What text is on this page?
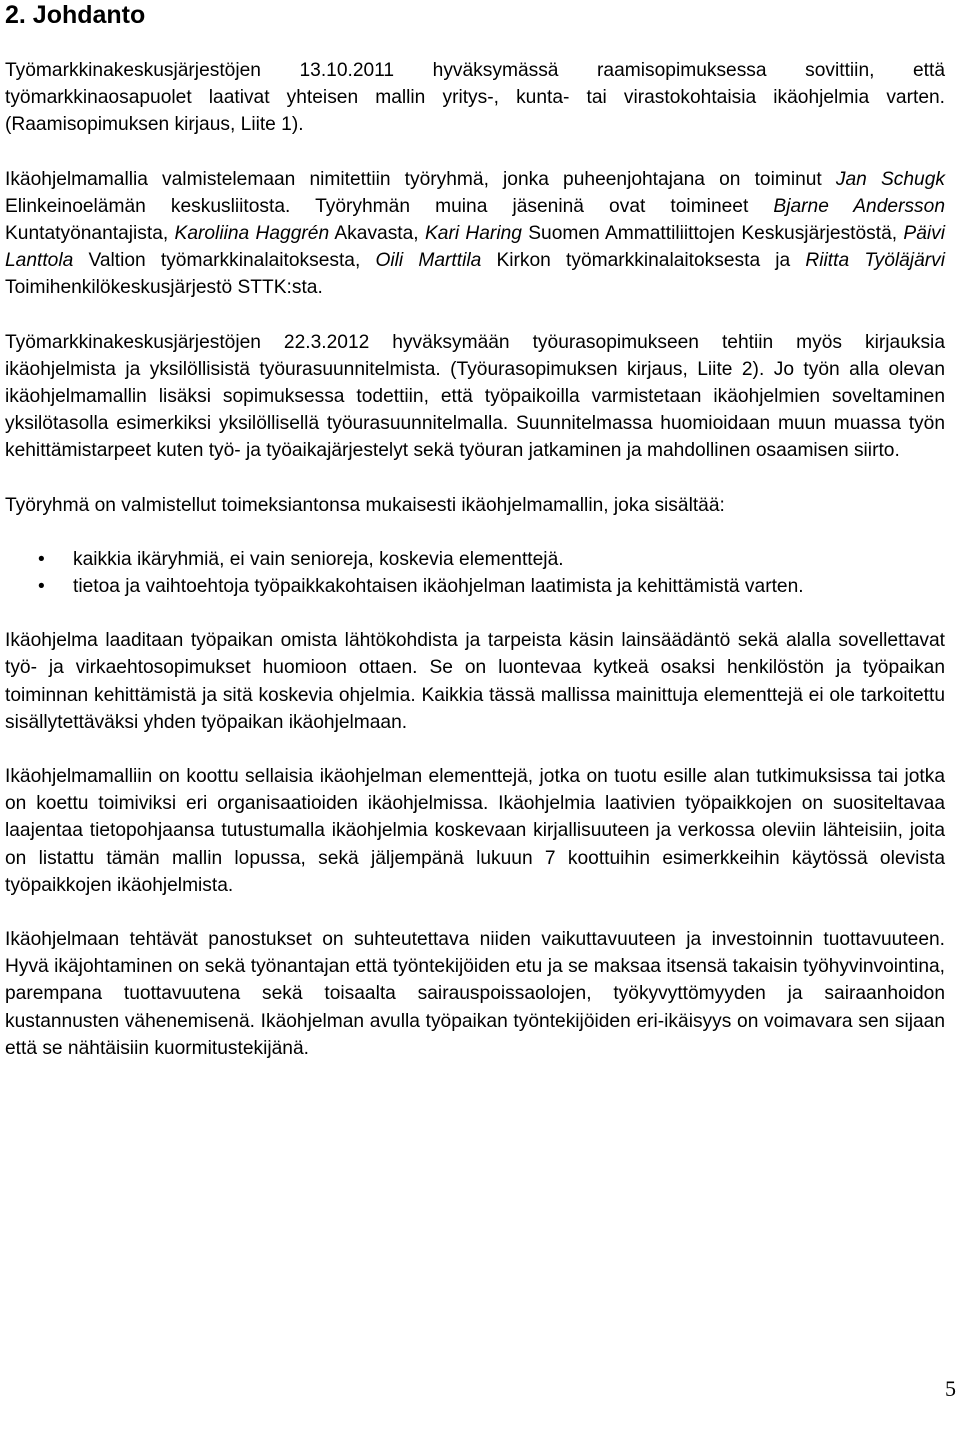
2. Johdanto

Työmarkkinakeskusjärjestöjen 13.10.2011 hyväksymässä raamisopimuksessa sovittiin, että työmarkkinaosapuolet laativat yhteisen mallin yritys-, kunta- tai virastokohtaisia ikäohjelmia varten. (Raamisopimuksen kirjaus, Liite 1).

Ikäohjelmamallia valmistelemaan nimitettiin työryhmä, jonka puheenjohtajana on toiminut Jan Schugk Elinkeinoelämän keskusliitosta. Työryhmän muina jäseninä ovat toimineet Bjarne Andersson Kuntatyönantajista, Karoliina Haggrén Akavasta, Kari Haring Suomen Ammattiliittojen Keskusjärjestöstä, Päivi Lanttola Valtion työmarkkinalaitoksesta, Oili Marttila Kirkon työmarkkinalaitoksesta ja Riitta Työläjärvi Toimihenkilökeskusjärjestö STTK:sta.

Työmarkkinakeskusjärjestöjen 22.3.2012 hyväksymään työurasopimukseen tehtiin myös kirjauksia ikäohjelmista ja yksilöllisistä työurasuunnitelmista. (Työurasopimuksen kirjaus, Liite 2). Jo työn alla olevan ikäohjelmamallin lisäksi sopimuksessa todettiin, että työpaikoilla varmistetaan ikäohjelmien soveltaminen yksilötasolla esimerkiksi yksilöllisellä työurasuunnitelmalla. Suunnitelmassa huomioidaan muun muassa työn kehittämistarpeet kuten työ- ja työaikajärjestelyt sekä työuran jatkaminen ja mahdollinen osaamisen siirto.

Työryhmä on valmistellut toimeksiantonsa mukaisesti ikäohjelmamallin, joka sisältää:

• kaikkia ikäryhmiä, ei vain senioreja, koskevia elementtejä.
• tietoa ja vaihtoehtoja työpaikkakohtaisen ikäohjelman laatimista ja kehittämistä varten.

Ikäohjelma laaditaan työpaikan omista lähtökohdista ja tarpeista käsin lainsäädäntö sekä alalla sovellettavat työ- ja virkaehtosopimukset huomioon ottaen. Se on luontevaa kytkeä osaksi henkilöstön ja työpaikan toiminnan kehittämistä ja sitä koskevia ohjelmia. Kaikkia tässä mallissa mainittuja elementtejä ei ole tarkoitettu sisällytettäväksi yhden työpaikan ikäohjelmaan.

Ikäohjelmamalliin on koottu sellaisia ikäohjelman elementtejä, jotka on tuotu esille alan tutkimuksissa tai jotka on koettu toimiviksi eri organisaatioiden ikäohjelmissa. Ikäohjelmia laativien työpaikkojen on suositeltavaa laajentaa tietopohjaansa tutustumalla ikäohjelmia koskevaan kirjallisuuteen ja verkossa oleviin lähteisiin, joita on listattu tämän mallin lopussa, sekä jäljempänä lukuun 7 koottuihin esimerkkeihin käytössä olevista työpaikkojen ikäohjelmista.

Ikäohjelmaan tehtävät panostukset on suhteutettava niiden vaikuttavuuteen ja investoinnin tuottavuuteen. Hyvä ikäjohtaminen on sekä työnantajan että työntekijöiden etu ja se maksaa itsensä takaisin työhyvinvointina, parempana tuottavuutena sekä toisaalta sairauspoissaolojen, työkyvyttömyyden ja sairaanhoidon kustannusten vähenemisenä. Ikäohjelman avulla työpaikan työntekijöiden eri-ikäisyys on voimavara sen sijaan että se nähtäisiin kuormitustekijänä.

5
